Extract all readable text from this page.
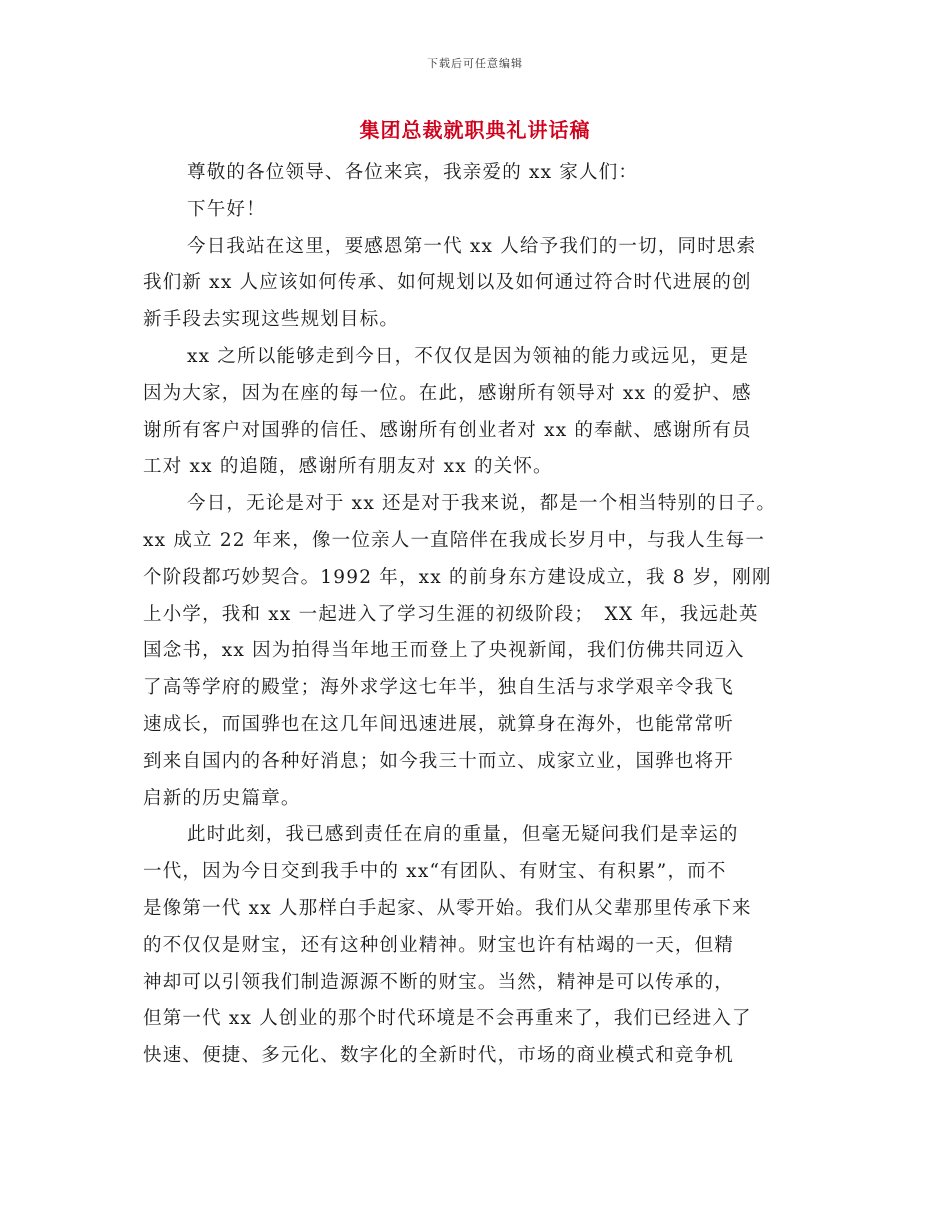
下载后可任意编辑
集团总裁就职典礼讲话稿
尊敬的各位领导、各位来宾，我亲爱的 xx 家人们：
下午好！
今日我站在这里，要感恩第一代 xx 人给予我们的一切，同时思索
我们新 xx 人应该如何传承、如何规划以及如何通过符合时代进展的创
新手段去实现这些规划目标。
xx 之所以能够走到今日，不仅仅是因为领袖的能力或远见，更是
因为大家，因为在座的每一位。在此，感谢所有领导对 xx 的爱护、感
谢所有客户对国骅的信任、感谢所有创业者对 xx 的奉献、感谢所有员
工对 xx 的追随，感谢所有朋友对 xx 的关怀。
今日，无论是对于 xx 还是对于我来说，都是一个相当特别的日子。
xx 成立 22 年来，像一位亲人一直陪伴在我成长岁月中，与我人生每一
个阶段都巧妙契合。1992 年，xx 的前身东方建设成立，我 8 岁，刚刚
上小学，我和 xx 一起进入了学习生涯的初级阶段；　XX 年，我远赴英
国念书，xx 因为拍得当年地王而登上了央视新闻，我们仿佛共同迈入
了高等学府的殿堂；海外求学这七年半，独自生活与求学艰辛令我飞
速成长，而国骅也在这几年间迅速进展，就算身在海外，也能常常听
到来自国内的各种好消息；如今我三十而立、成家立业，国骅也将开
启新的历史篇章。
此时此刻，我已感到责任在肩的重量，但毫无疑问我们是幸运的
一代，因为今日交到我手中的 xx“有团队、有财宝、有积累”，而不
是像第一代 xx 人那样白手起家、从零开始。我们从父辈那里传承下来
的不仅仅是财宝，还有这种创业精神。财宝也许有枯竭的一天，但精
神却可以引领我们制造源源不断的财宝。当然，精神是可以传承的，
但第一代 xx 人创业的那个时代环境是不会再重来了，我们已经进入了
快速、便捷、多元化、数字化的全新时代，市场的商业模式和竞争机
